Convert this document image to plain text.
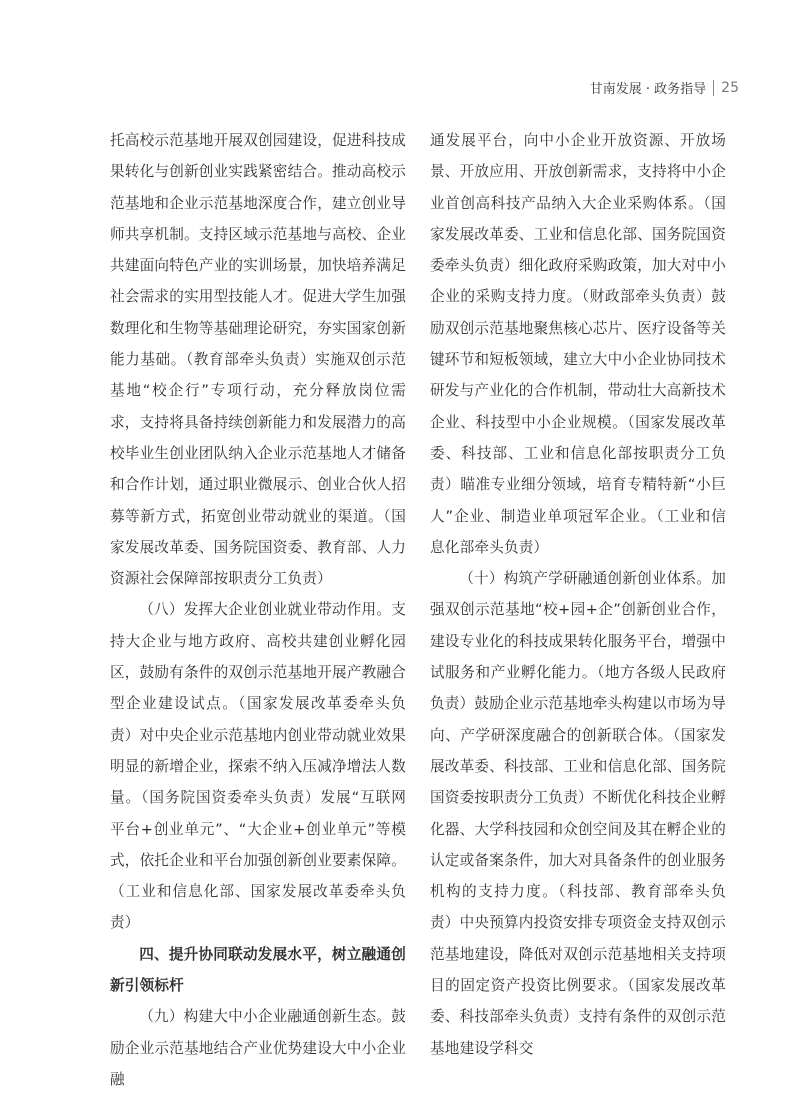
甘南发展 · 政务指导 25

托高校示范基地开展双创园建设，促进科技成果转化与创新创业实践紧密结合。推动高校示范基地和企业示范基地深度合作，建立创业导师共享机制。支持区域示范基地与高校、企业共建面向特色产业的实训场景，加快培养满足社会需求的实用型技能人才。促进大学生加强数理化和生物等基础理论研究，夯实国家创新能力基础。（教育部牵头负责）实施双创示范基地“校企行”专项行动，充分释放岗位需求，支持将具备持续创新能力和发展潜力的高校毕业生创业团队纳入企业示范基地人才储备和合作计划，通过职业微展示、创业合伙人招募等新方式，拓宽创业带动就业的渠道。（国家发展改革委、国务院国资委、教育部、人力资源社会保障部按职责分工负责）

（八）发挥大企业创业就业带动作用。支持大企业与地方政府、高校共建创业孵化园区，鼓励有条件的双创示范基地开展产教融合型企业建设试点。（国家发展改革委牵头负责）对中央企业示范基地内创业带动就业效果明显的新增企业，探索不纳入压减净增法人数量。（国务院国资委牵头负责）发展“互联网平台+创业单元”、“大企业+创业单元”等模式，依托企业和平台加强创新创业要素保障。（工业和信息化部、国家发展改革委牵头负责）

四、提升协同联动发展水平，树立融通创新引领标杆

（九）构建大中小企业融通创新生态。鼓励企业示范基地结合产业优势建设大中小企业融

通发展平台，向中小企业开放资源、开放场景、开放应用、开放创新需求，支持将中小企业首创高科技产品纳入大企业采购体系。（国家发展改革委、工业和信息化部、国务院国资委牵头负责）细化政府采购政策，加大对中小企业的采购支持力度。（财政部牵头负责）鼓励双创示范基地聚焦核心芯片、医疗设备等关键环节和短板领域，建立大中小企业协同技术研发与产业化的合作机制，带动壮大高新技术企业、科技型中小企业规模。（国家发展改革委、科技部、工业和信息化部按职责分工负责）瞄准专业细分领域，培育专精特新“小巨人”企业、制造业单项冠军企业。（工业和信息化部牵头负责）

（十）构筑产学研融通创新创业体系。加强双创示范基地“校+园+企”创新创业合作，建设专业化的科技成果转化服务平台，增强中试服务和产业孵化能力。（地方各级人民政府负责）鼓励企业示范基地牵头构建以市场为导向、产学研深度融合的创新联合体。（国家发展改革委、科技部、工业和信息化部、国务院国资委按职责分工负责）不断优化科技企业孵化器、大学科技园和众创空间及其在孵企业的认定或备案条件，加大对具备条件的创业服务机构的支持力度。（科技部、教育部牵头负责）中央预算内投资安排专项资金支持双创示范基地建设，降低对双创示范基地相关支持项目的固定资产投资比例要求。（国家发展改革委、科技部牵头负责）支持有条件的双创示范基地建设学科交
